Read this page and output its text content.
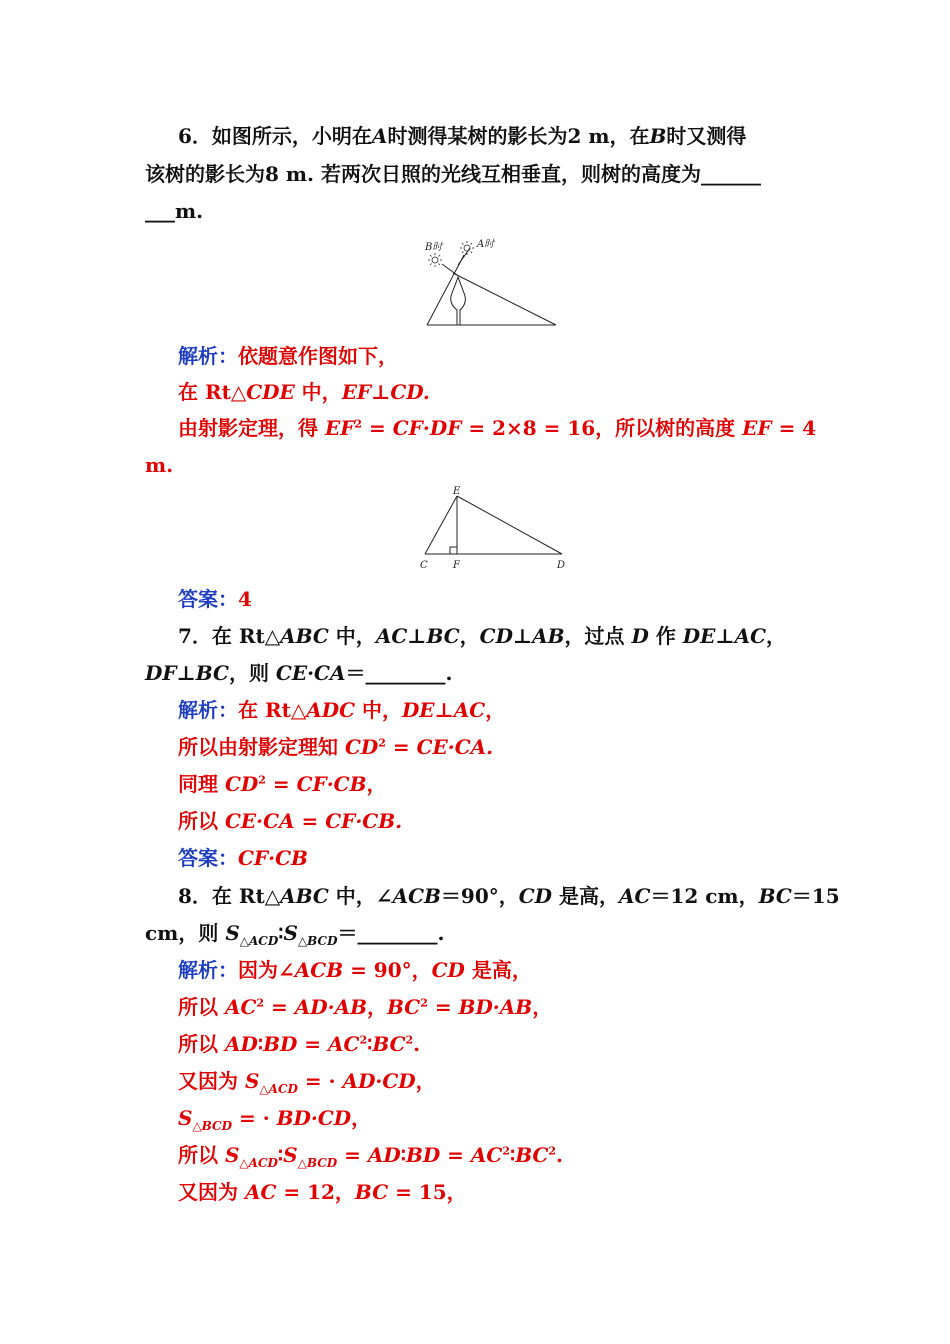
6．如图所示，小明在A时测得某树的影长为2 m，在B时又测得
该树的影长为8 m. 若两次日照的光线互相垂直，则树的高度为______
___m.
B时	A时
解析：依题意作图如下，
在 Rt△CDE 中，EF⊥CD.
由射影定理，得 $EF^2 = CF\cdot DF = 2\times 8 = 16$，所以树的高度 EF = 4
m.
E
C	F	D
答案：4
7．在 Rt△ABC 中，AC⊥BC，CD⊥AB，过点 D 作 DE⊥AC，
DF⊥BC，则 CE·CA＝________.
解析：在 Rt△ADC 中，DE⊥AC，
所以由射影定理知 $CD^2 = CE\cdot CA$.
同理 $CD^2 = CF\cdot CB$，
所以 CE·CA = CF·CB.
答案：CF·CB
8．在 Rt△ABC 中，∠ACB＝90°，CD 是高，AC＝12 cm，BC＝15
cm，则 $S_{\triangle ACD}∶S_{\triangle BCD}=\_\_\_\_\_\_\_\_$.
解析：因为∠ACB = 90°，CD 是高，
所以 $AC^2 = AD\cdot AB$，$BC^2 = BD\cdot AB$，
所以 AD∶BD = $AC^2∶BC^2$.
又因为 $S_{\triangle ACD}$ = · AD·CD，
$S_{\triangle BCD}$ = · BD·CD，
所以 $S_{\triangle ACD}∶S_{\triangle BCD}$ = AD∶BD = $AC^2∶BC^2$.
又因为 AC = 12，BC = 15，
